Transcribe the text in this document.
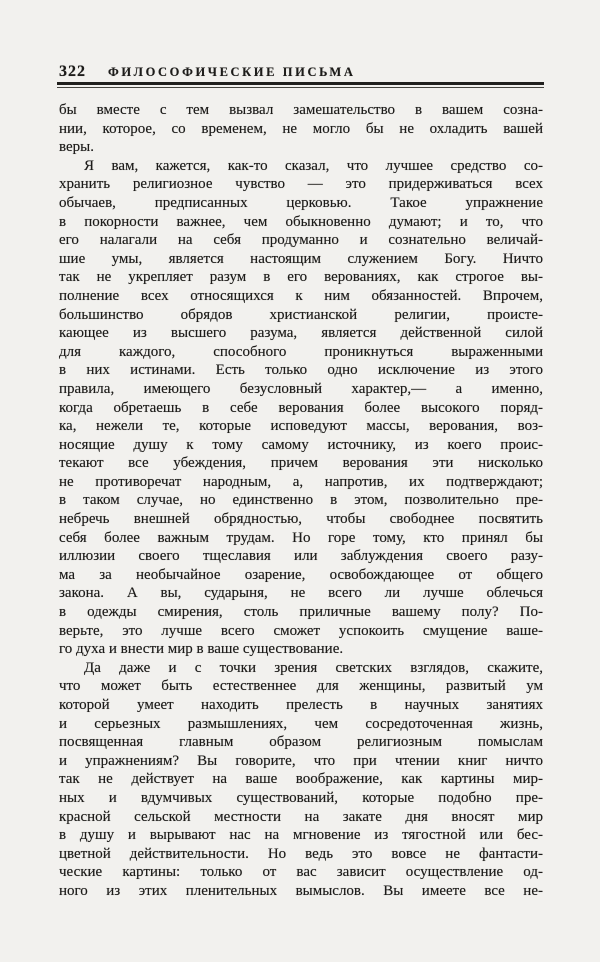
322 ФИЛОСОФИЧЕСКИЕ ПИСЬМА
бы вместе с тем вызвал замешательство в вашем созна-
нии, которое, со временем, не могло бы не охладить вашей
веры.
Я вам, кажется, как-то сказал, что лучшее средство со-
хранить религиозное чувство — это придерживаться всех
обычаев, предписанных церковью. Такое упражнение
в покорности важнее, чем обыкновенно думают; и то, что
его налагали на себя продуманно и сознательно величай-
шие умы, является настоящим служением Богу. Ничто
так не укрепляет разум в его верованиях, как строгое вы-
полнение всех относящихся к ним обязанностей. Впрочем,
большинство обрядов христианской религии, происте-
кающее из высшего разума, является действенной силой
для каждого, способного проникнуться выраженными
в них истинами. Есть только одно исключение из этого
правила, имеющего безусловный характер,— а именно,
когда обретаешь в себе верования более высокого поряд-
ка, нежели те, которые исповедуют массы, верования, воз-
носящие душу к тому самому источнику, из коего проис-
текают все убеждения, причем верования эти нисколько
не противоречат народным, а, напротив, их подтверждают;
в таком случае, но единственно в этом, позволительно пре-
небречь внешней обрядностью, чтобы свободнее посвятить
себя более важным трудам. Но горе тому, кто принял бы
иллюзии своего тщеславия или заблуждения своего разу-
ма за необычайное озарение, освобождающее от общего
закона. А вы, сударыня, не всего ли лучше облечься
в одежды смирения, столь приличные вашему полу? По-
верьте, это лучше всего сможет успокоить смущение ваше-
го духа и внести мир в ваше существование.
Да даже и с точки зрения светских взглядов, скажите,
что может быть естественнее для женщины, развитый ум
которой умеет находить прелесть в научных занятиях
и серьезных размышлениях, чем сосредоточенная жизнь,
посвященная главным образом религиозным помыслам
и упражнениям? Вы говорите, что при чтении книг ничто
так не действует на ваше воображение, как картины мир-
ных и вдумчивых существований, которые подобно пре-
красной сельской местности на закате дня вносят мир
в душу и вырывают нас на мгновение из тягостной или бес-
цветной действительности. Но ведь это вовсе не фантасти-
ческие картины: только от вас зависит осуществление од-
ного из этих пленительных вымыслов. Вы имеете все не-
